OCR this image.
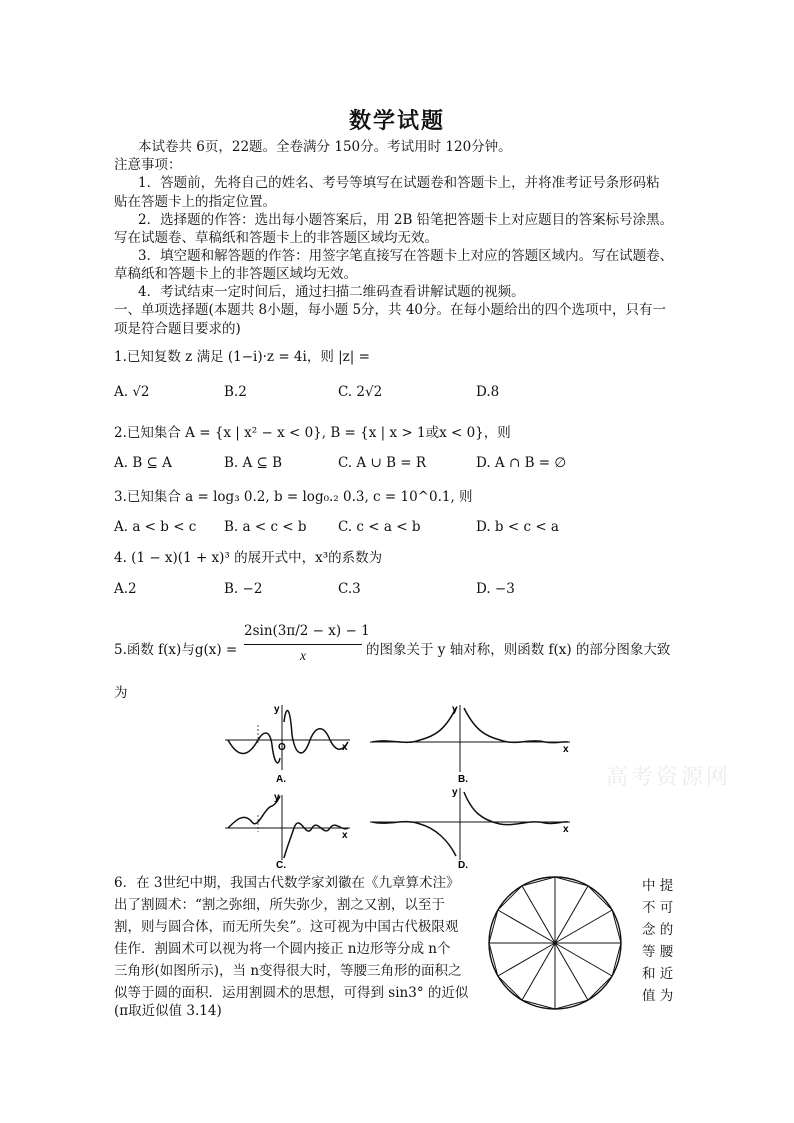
数学试题
本试卷共 6页，22题。全卷满分 150分。考试用时 120分钟。
注意事项：
1．答题前，先将自己的姓名、考号等填写在试题卷和答题卡上，并将准考证号条形码粘
贴在答题卡上的指定位置。
2．选择题的作答：选出每小题答案后，用 2B 铅笔把答题卡上对应题目的答案标号涂黑。
写在试题卷、草稿纸和答题卡上的非答题区域均无效。
3．填空题和解答题的作答：用签字笔直接写在答题卡上对应的答题区域内。写在试题卷、
草稿纸和答题卡上的非答题区域均无效。
4．考试结束一定时间后，通过扫描二维码查看讲解试题的视频。
一、单项选择题(本题共 8小题，每小题 5分，共 40分。在每小题给出的四个选项中，只有一
项是符合题目要求的)
1.已知复数 z 满足 (1−i)·z = 4i，则 |z| =
A. √2	B.2	C. 2√2	D.8
2.已知集合 A = {x | x² − x < 0}, B = {x | x > 1或x < 0}，则
A. B ⊆ A	B. A ⊆ B	C. A ∪ B = R	D. A ∩ B = ∅
3.已知集合 a = log₃ 0.2, b = log₀.₂ 0.3, c = 10^0.1, 则
A. a < b < c B. a < c < b C. c < a < b	D. b < c < a
4. (1 − x)(1 + x)³ 的展开式中，x³的系数为
A.2	B. −2	C.3	D. −3
5.函数 f(x)与g(x) =
2sin(3π/2 − x) − 1
x	的图象关于 y 轴对称，则函数 f(x) 的部分图象大致
为
O
y
x
A.
y
x
B.
y
x
C.
y
x
D.
高考资源网
6．在 3世纪中期，我国古代数学家刘徽在《九章算术注》
出了割圆术：“割之弥细，所失弥少，割之又割，以至于
割，则与圆合体，而无所失矣”。这可视为中国古代极限观
佳作．割圆术可以视为将一个圆内接正 n边形等分成 n个
三角形(如图所示)，当 n变得很大时，等腰三角形的面积之
似等于圆的面积．运用割圆术的思想，可得到 sin3° 的近似
(π取近似值 3.14)
中 提
不 可
念 的
等 腰
和 近
值 为
